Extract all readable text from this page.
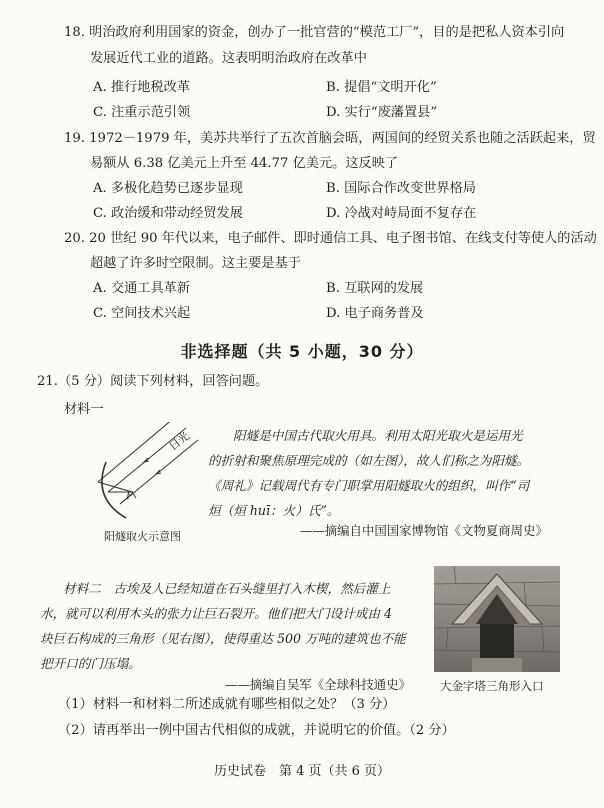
18. 明治政府利用国家的资金，创办了一批官营的“模范工厂”，目的是把私人资本引向
发展近代工业的道路。这表明明治政府在改革中
A. 推行地税改革	B. 提倡“文明开化”
C. 注重示范引领	D. 实行“废藩置县”
19. 1972－1979 年，美苏共举行了五次首脑会晤，两国间的经贸关系也随之活跃起来，贸
易额从 6.38 亿美元上升至 44.77 亿美元。这反映了
A. 多极化趋势已逐步显现	B. 国际合作改变世界格局
C. 政治缓和带动经贸发展	D. 冷战对峙局面不复存在
20. 20 世纪 90 年代以来，电子邮件、即时通信工具、电子图书馆、在线支付等使人的活动
超越了许多时空限制。这主要是基于
A. 交通工具革新	B. 互联网的发展
C. 空间技术兴起	D. 电子商务普及
非选择题（共 5 小题，30 分）
21.（5 分）阅读下列材料，回答问题。
材料一
日光
F
阳燧取火示意图
阳燧是中国古代取火用具。利用太阳光取火是运用光
的折射和聚焦原理完成的（如左图），故人们称之为阳燧。
《周礼》记载周代有专门职掌用阳燧取火的组织，叫作“司
烜（烜 huī：火）氏”。
——摘编自中国国家博物馆《文物夏商周史》
材料二　古埃及人已经知道在石头缝里打入木楔，然后灌上
水，就可以利用木头的张力让巨石裂开。他们把大门设计成由 4
块巨石构成的三角形（见右图），使得重达 500 万吨的建筑也不能
把开口的门压塌。
——摘编自吴军《全球科技通史》	大金字塔三角形入口
（1）材料一和材料二所述成就有哪些相似之处？（3 分）
（2）请再举出一例中国古代相似的成就，并说明它的价值。（2 分）
历史试卷　第 4 页（共 6 页）
